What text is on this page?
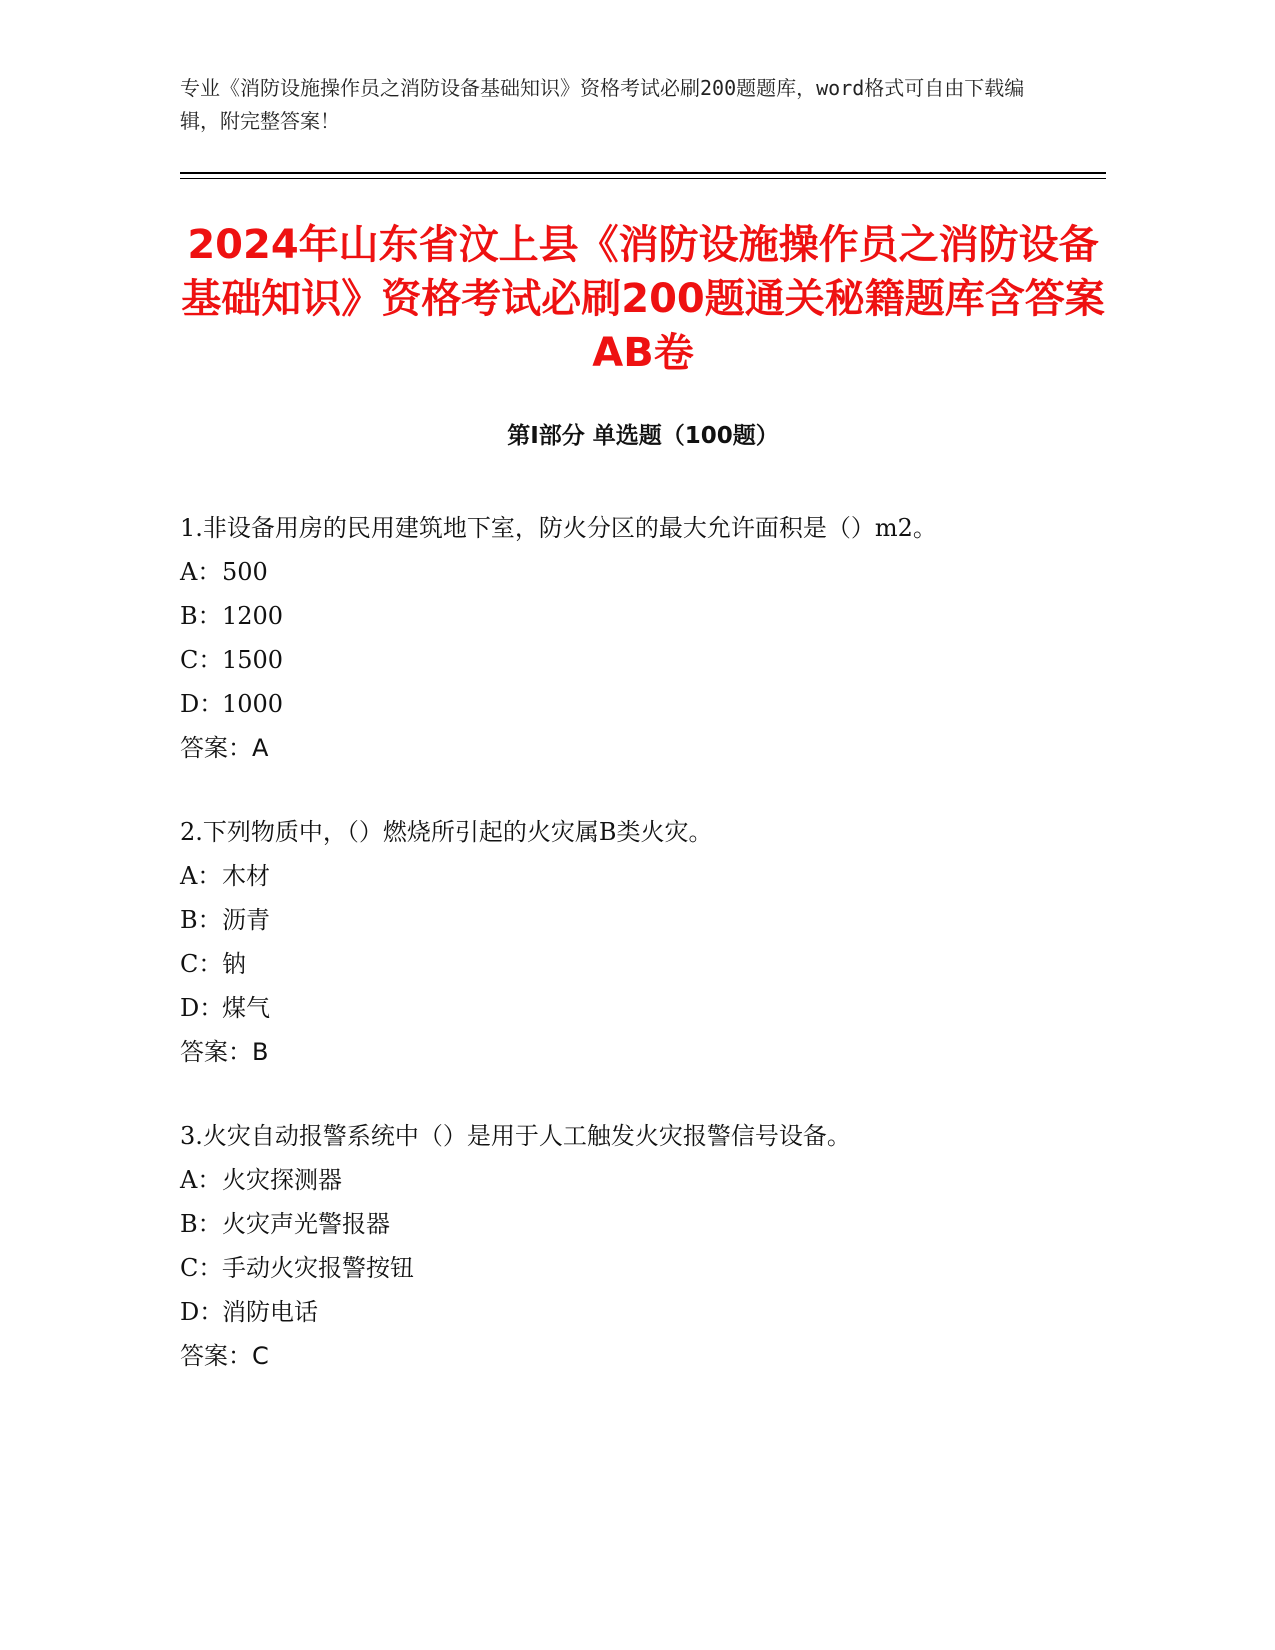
专业《消防设施操作员之消防设备基础知识》资格考试必刷200题题库，word格式可自由下载编辑，附完整答案！
2024年山东省汶上县《消防设施操作员之消防设备基础知识》资格考试必刷200题通关秘籍题库含答案AB卷
第Ⅰ部分 单选题（100题）
1.非设备用房的民用建筑地下室，防火分区的最大允许面积是（）m2。
A：500
B：1200
C：1500
D：1000
答案：A
2.下列物质中，（）燃烧所引起的火灾属B类火灾。
A：木材
B：沥青
C：钠
D：煤气
答案：B
3.火灾自动报警系统中（）是用于人工触发火灾报警信号设备。
A：火灾探测器
B：火灾声光警报器
C：手动火灾报警按钮
D：消防电话
答案：C
